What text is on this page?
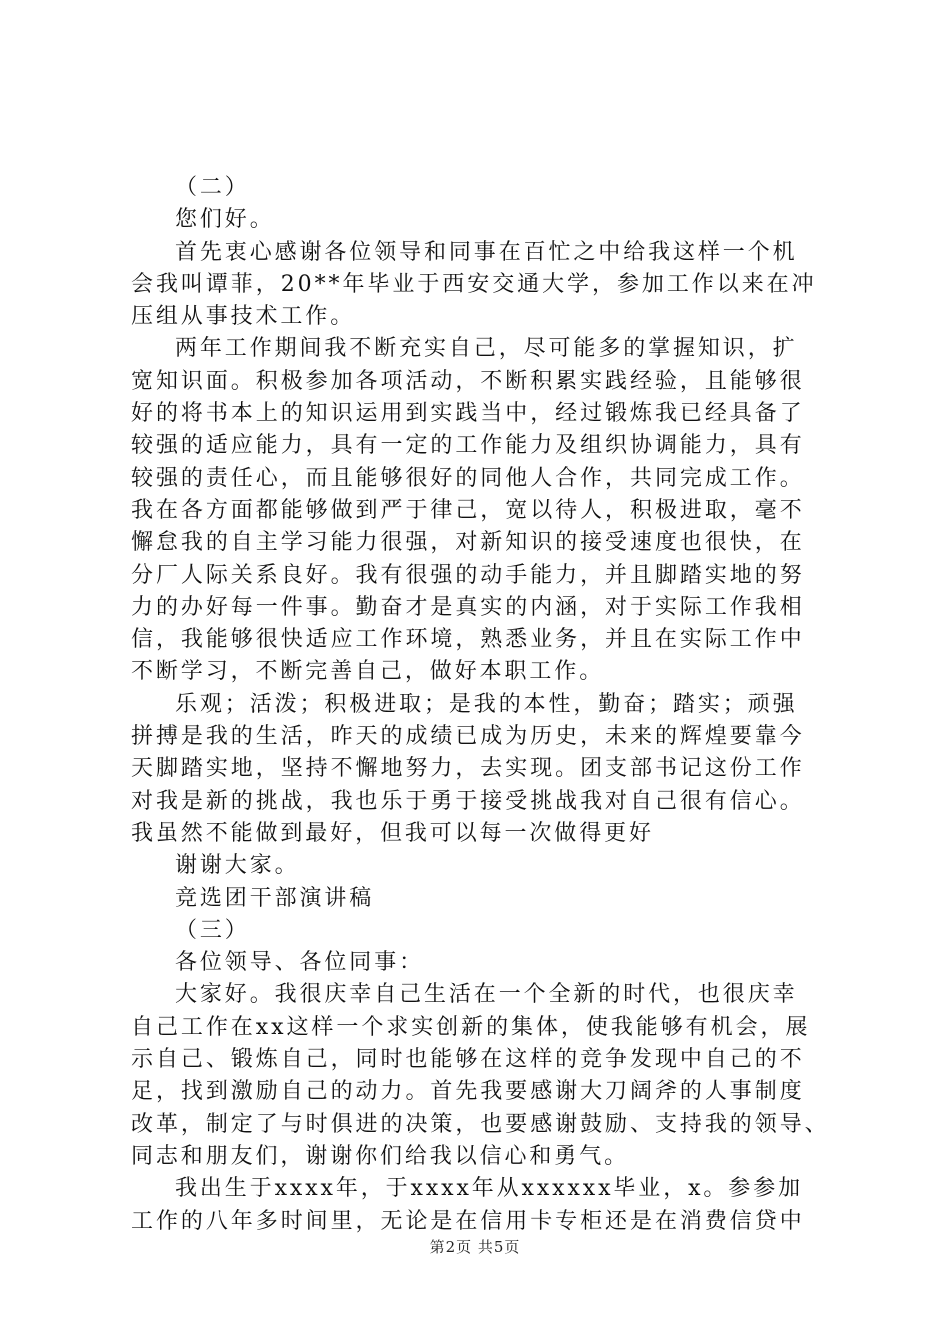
（二）
您们好。
首先衷心感谢各位领导和同事在百忙之中给我这样一个机
会我叫谭菲，20**年毕业于西安交通大学，参加工作以来在冲
压组从事技术工作。
两年工作期间我不断充实自己，尽可能多的掌握知识，扩
宽知识面。积极参加各项活动，不断积累实践经验，且能够很
好的将书本上的知识运用到实践当中，经过锻炼我已经具备了
较强的适应能力，具有一定的工作能力及组织协调能力，具有
较强的责任心，而且能够很好的同他人合作，共同完成工作。
我在各方面都能够做到严于律己，宽以待人，积极进取，毫不
懈怠我的自主学习能力很强，对新知识的接受速度也很快，在
分厂人际关系良好。我有很强的动手能力，并且脚踏实地的努
力的办好每一件事。勤奋才是真实的内涵，对于实际工作我相
信，我能够很快适应工作环境，熟悉业务，并且在实际工作中
不断学习，不断完善自己，做好本职工作。
乐观；活泼；积极进取；是我的本性，勤奋；踏实；顽强
拼搏是我的生活，昨天的成绩已成为历史，未来的辉煌要靠今
天脚踏实地，坚持不懈地努力，去实现。团支部书记这份工作
对我是新的挑战，我也乐于勇于接受挑战我对自己很有信心。
我虽然不能做到最好，但我可以每一次做得更好
谢谢大家。
竞选团干部演讲稿
（三）
各位领导、各位同事：
大家好。我很庆幸自己生活在一个全新的时代，也很庆幸
自己工作在xx这样一个求实创新的集体，使我能够有机会，展
示自己、锻炼自己，同时也能够在这样的竞争发现中自己的不
足，找到激励自己的动力。首先我要感谢大刀阔斧的人事制度
改革，制定了与时俱进的决策，也要感谢鼓励、支持我的领导、
同志和朋友们，谢谢你们给我以信心和勇气。
我出生于xxxx年，于xxxx年从xxxxxx毕业，x。参参加
工作的八年多时间里，无论是在信用卡专柜还是在消费信贷中
第2页 共5页
